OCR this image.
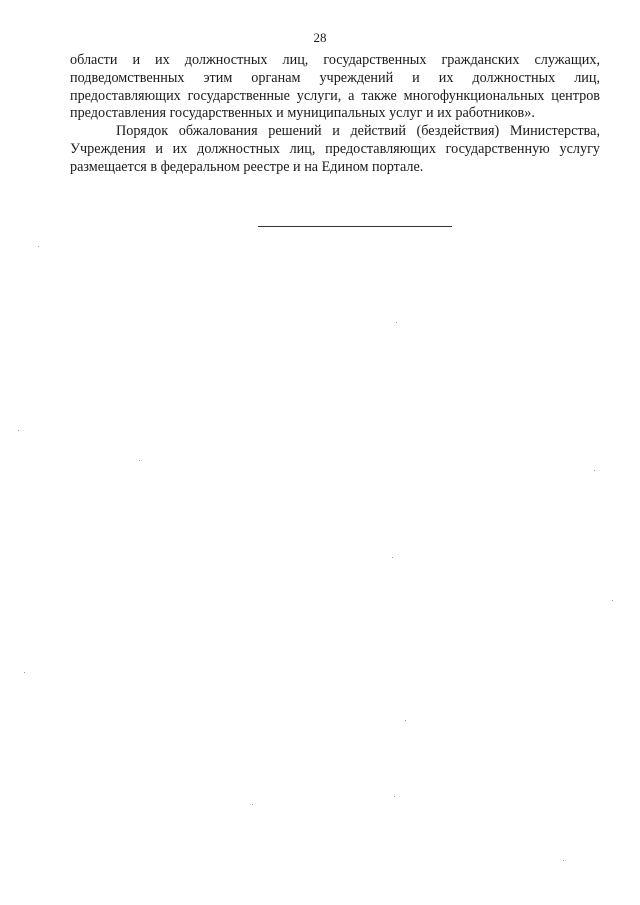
28

области и их должностных лиц, государственных гражданских служащих, подведомственных этим органам учреждений и их должностных лиц, предоставляющих государственные услуги, а также многофункциональных центров предоставления государственных и муниципальных услуг и их работников».

Порядок обжалования решений и действий (бездействия) Министерства, Учреждения и их должностных лиц, предоставляющих государственную услугу размещается в федеральном реестре и на Едином портале.
